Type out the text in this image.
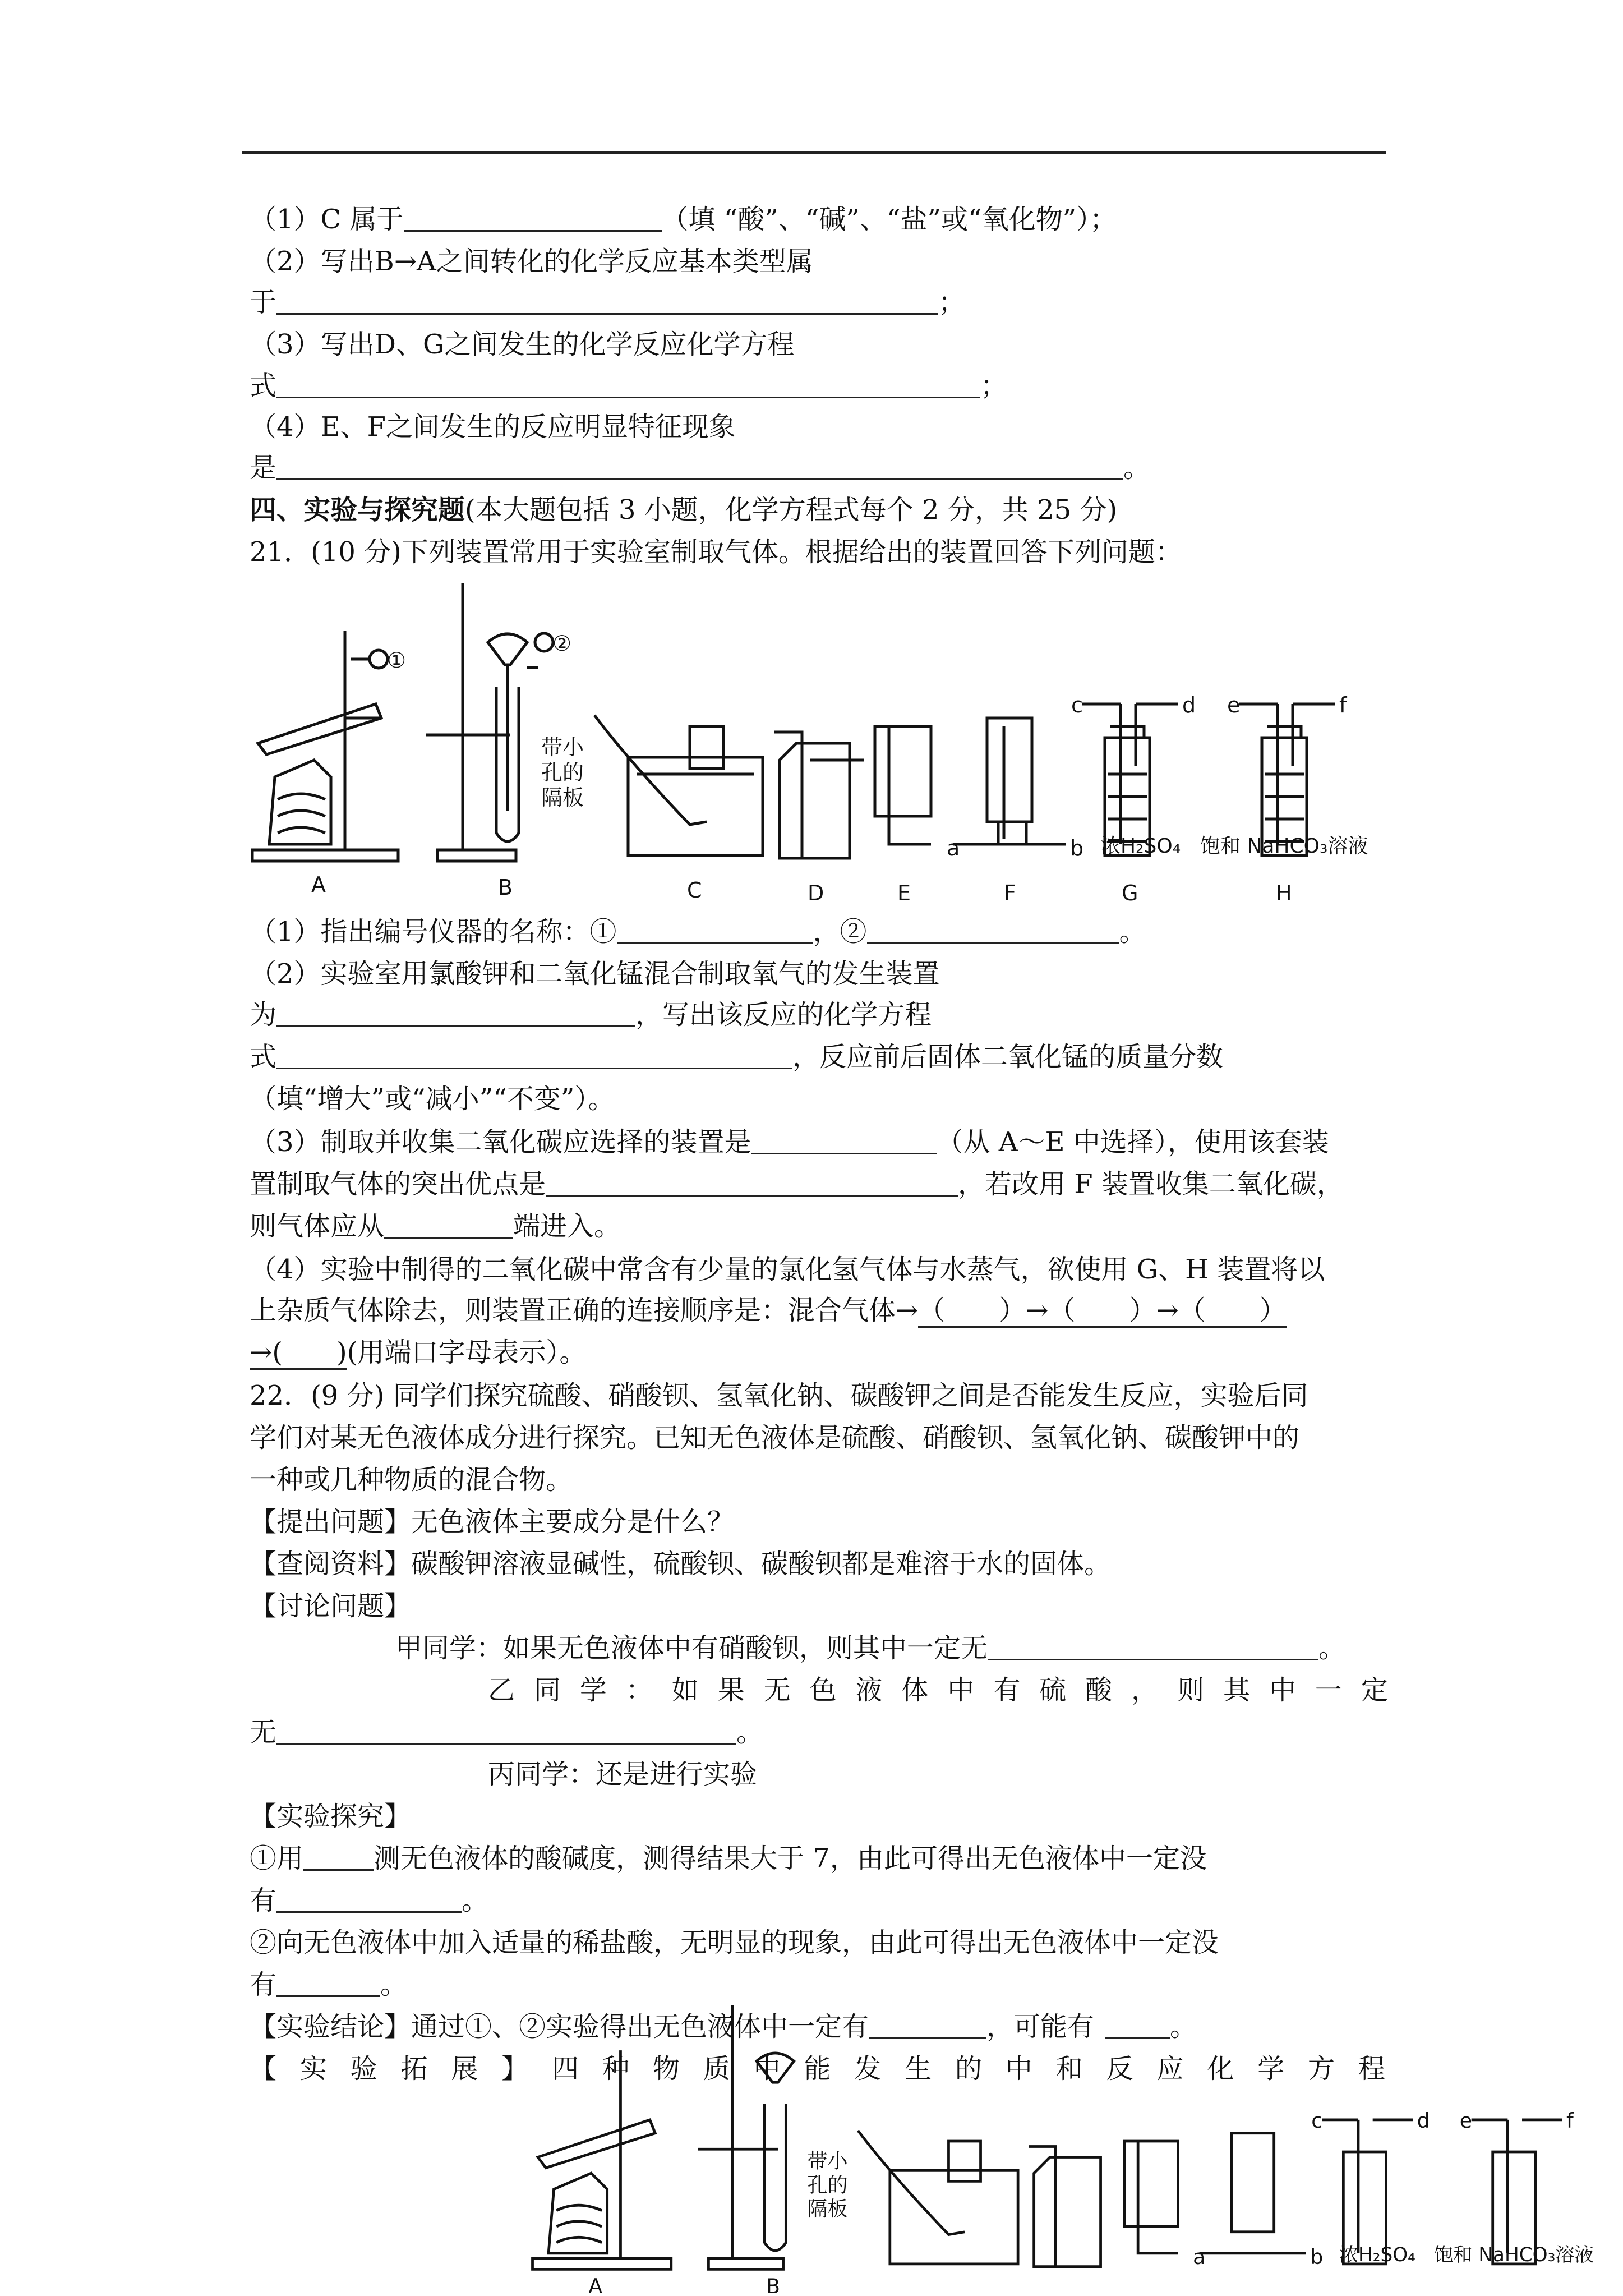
（1）C 属于	（填 “酸”、“碱”、“盐”或“氧化物”）；
（2）写出B→A之间转化的化学反应基本类型属
于	；
（3）写出D、G之间发生的化学反应化学方程
式	；
（4）E、F之间发生的反应明显特征现象
是	。
四、实验与探究题(本大题包括 3 小题，化学方程式每个 2 分，共 25 分)
21．(10 分)下列装置常用于实验室制取气体。根据给出的装置回答下列问题：
①
②
带小
孔的
隔板
a	b
c	d e	f
浓H₂SO₄ 饱和 NaHCO₃溶液
A	B	C	D	E	F	G	H
（1）指出编号仪器的名称：①	，②	。
（2）实验室用氯酸钾和二氧化锰混合制取氧气的发生装置
为	，写出该反应的化学方程
式	，反应前后固体二氧化锰的质量分数
（填“增大”或“减小”“不变”）。
（3）制取并收集二氧化碳应选择的装置是	（从 A～E 中选择），使用该套装
置制取气体的突出优点是	，若改用 F 装置收集二氧化碳，
则气体应从	端进入。
（4）实验中制得的二氧化碳中常含有少量的氯化氢气体与水蒸气，欲使用 G、H 装置将以
上杂质气体除去，则装置正确的连接顺序是：混合气体→（　　）→（　　）→（　　）
→(　　)(用端口字母表示）。
22．(9 分) 同学们探究硫酸、硝酸钡、氢氧化钠、碳酸钾之间是否能发生反应，实验后同
学们对某无色液体成分进行探究。已知无色液体是硫酸、硝酸钡、氢氧化钠、碳酸钾中的
一种或几种物质的混合物。
【提出问题】无色液体主要成分是什么？
【查阅资料】碳酸钾溶液显碱性，硫酸钡、碳酸钡都是难溶于水的固体。
【讨论问题】
甲同学：如果无色液体中有硝酸钡，则其中一定无	。
乙 同 学 ： 如 果 无 色 液 体 中 有 硫 酸 ， 则 其 中 一 定
无	。
丙同学：还是进行实验
【实验探究】
①用	测无色液体的酸碱度，测得结果大于 7，由此可得出无色液体中一定没
有	。
②向无色液体中加入适量的稀盐酸，无明显的现象，由此可得出无色液体中一定没
有	。
【实验结论】通过①、②实验得出无色液体中一定有	，可能有	。
【 实 验 拓 展 】 四 种 物 质 中 能 发 生 的 中 和 反 应 化 学 方 程
带小
孔的
隔板
a	b
c	d e	f
浓H₂SO₄ 饱和 NaHCO₃溶液
A	B
